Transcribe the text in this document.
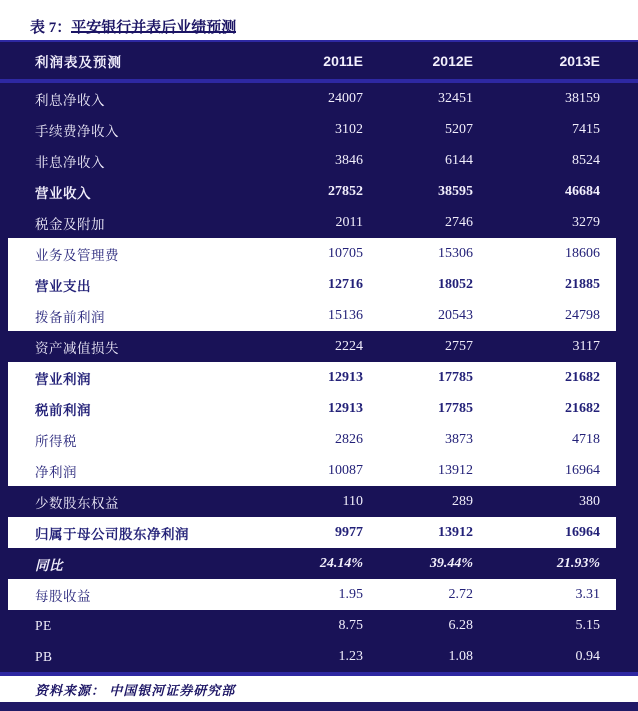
表 7：平安银行并表后业绩预测
利润表及预测	2011E	2012E	2013E
利息净收入	24007	32451	38159
手续费净收入	3102	5207	7415
非息净收入	3846	6144	8524
营业收入	27852	38595	46684
税金及附加	2011	2746	3279
业务及管理费	10705	15306	18606
营业支出	12716	18052	21885
拨备前利润	15136	20543	24798
资产减值损失	2224	2757	3117
营业利润	12913	17785	21682
税前利润	12913	17785	21682
所得税	2826	3873	4718
净利润	10087	13912	16964
少数股东权益	110	289	380
归属于母公司股东净利润	9977	13912	16964
同比	24.14%	39.44%	21.93%
每股收益	1.95	2.72	3.31
PE	8.75	6.28	5.15
PB	1.23	1.08	0.94
资料来源： 中国银河证券研究部
